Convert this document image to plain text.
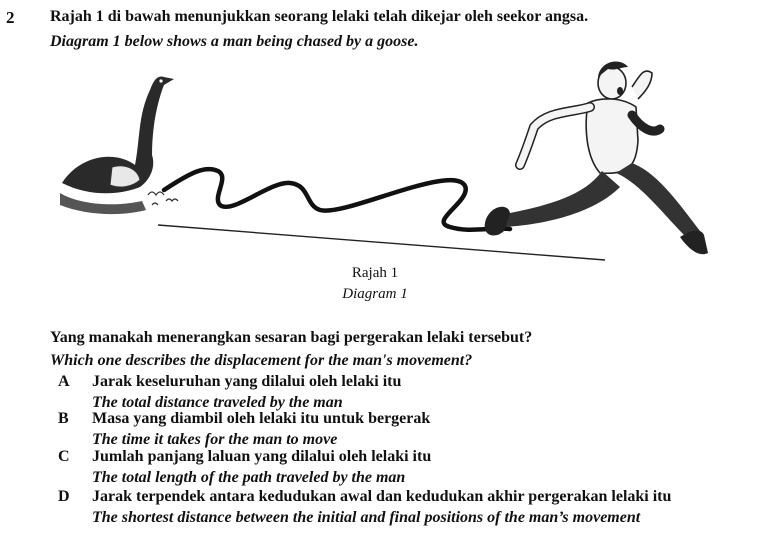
2 Rajah 1 di bawah menunjukkan seorang lelaki telah dikejar oleh seekor angsa.
Diagram 1 below shows a man being chased by a goose.
Rajah 1
Diagram 1
Yang manakah menerangkan sesaran bagi pergerakan lelaki tersebut?
Which one describes the displacement for the man's movement?
A Jarak keseluruhan yang dilalui oleh lelaki itu
The total distance traveled by the man
B Masa yang diambil oleh lelaki itu untuk bergerak
The time it takes for the man to move
C Jumlah panjang laluan yang dilalui oleh lelaki itu
The total length of the path traveled by the man
D Jarak terpendek antara kedudukan awal dan kedudukan akhir pergerakan lelaki itu
The shortest distance between the initial and final positions of the man’s movement
